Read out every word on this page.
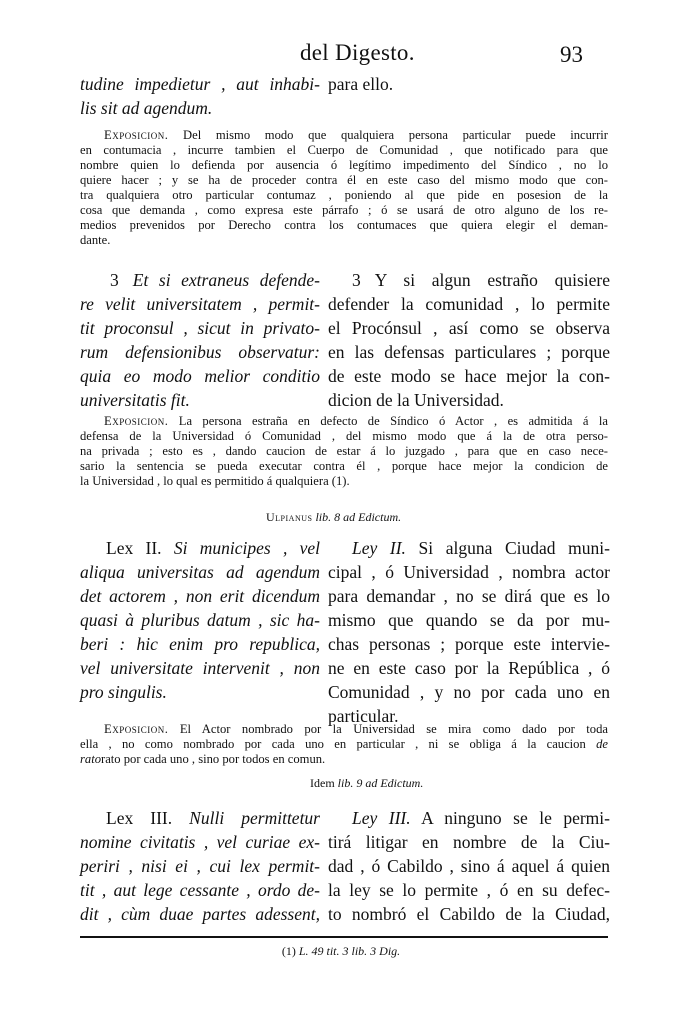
del Digesto.	93
tudine impedietur , aut inhabi-
lis sit ad agendum.
para ello.
Exposicion. Del mismo modo que qualquiera persona particular puede incurrir
en contumacia , incurre tambien el Cuerpo de Comunidad , que notificado para que
nombre quien lo defienda por ausencia ó legítimo impedimento del Síndico , no lo
quiere hacer ; y se ha de proceder contra él en este caso del mismo modo que con-
tra qualquiera otro particular contumaz , poniendo al que pide en posesion de la
cosa que demanda , como expresa este párrafo ; ó se usará de otro alguno de los re-
medios prevenidos por Derecho contra los contumaces que quiera elegir el deman-
dante.
3 Et si extraneus defende-
re velit universitatem , permit-
tit proconsul , sicut in privato-
rum defensionibus observatur:
quia eo modo melior conditio
universitatis fit.
3 Y si algun estraño quisiere
defender la comunidad , lo permite
el Procónsul , así como se observa
en las defensas particulares ; porque
de este modo se hace mejor la con-
dicion de la Universidad.
Exposicion. La persona estraña en defecto de Síndico ó Actor , es admitida á la
defensa de la Universidad ó Comunidad , del mismo modo que á la de otra perso-
na privada ; esto es , dando caucion de estar á lo juzgado , para que en caso nece-
sario la sentencia se pueda executar contra él , porque hace mejor la condicion de
la Universidad , lo qual es permitido á qualquiera (1).
Ulpianus lib. 8 ad Edictum.
Lex II. Si municipes , vel
aliqua universitas ad agendum
det actorem , non erit dicendum
quasi à pluribus datum , sic ha-
beri : hic enim pro republica,
vel universitate intervenit , non
pro singulis.
Ley II. Si alguna Ciudad muni-
cipal , ó Universidad , nombra actor
para demandar , no se dirá que es lo
mismo que quando se da por mu-
chas personas ; porque este intervie-
ne en este caso por la República , ó
Comunidad , y no por cada uno en
particular.
Exposicion. El Actor nombrado por la Universidad se mira como dado por toda
ella , no como nombrado por cada uno en particular , ni se obliga á la caucion de
ratorato por cada uno , sino por todos en comun.
Idem lib. 9 ad Edictum.
Lex III. Nulli permittetur
nomine civitatis , vel curiae ex-
periri , nisi ei , cui lex permit-
tit , aut lege cessante , ordo de-
dit , cùm duae partes adessent,
Ley III. A ninguno se le permi-
tirá litigar en nombre de la Ciu-
dad , ó Cabildo , sino á aquel á quien
la ley se lo permite , ó en su defec-
to nombró el Cabildo de la Ciudad,
(1) L. 49 tit. 3 lib. 3 Dig.
